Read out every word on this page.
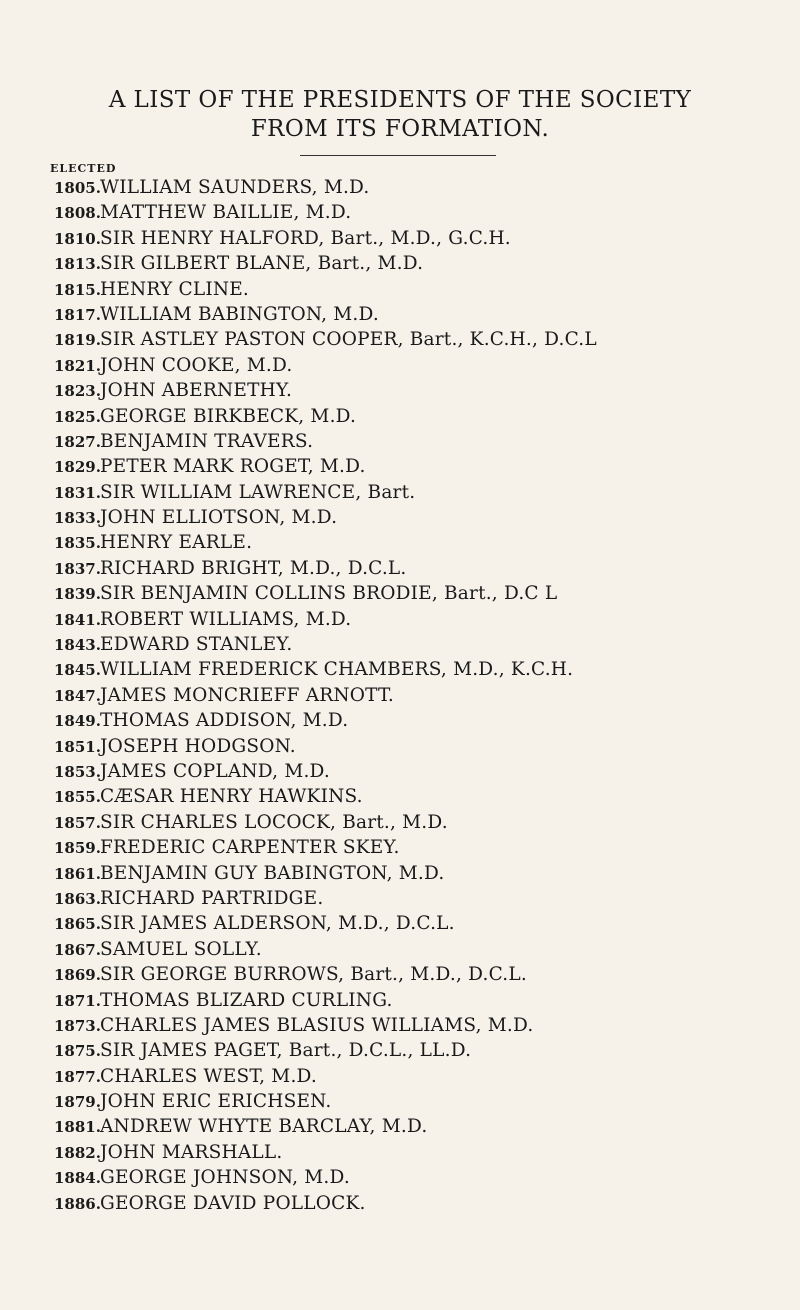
A LIST OF THE PRESIDENTS OF THE SOCIETY
FROM ITS FORMATION.
ELECTED
1805.WILLIAM SAUNDERS, M.D.
1808.MATTHEW BAILLIE, M.D.
1810.SIR HENRY HALFORD, Bart., M.D., G.C.H.
1813.SIR GILBERT BLANE, Bart., M.D.
1815.HENRY CLINE.
1817.WILLIAM BABINGTON, M.D.
1819.SIR ASTLEY PASTON COOPER, Bart., K.C.H., D.C.L
1821.JOHN COOKE, M.D.
1823.JOHN ABERNETHY.
1825.GEORGE BIRKBECK, M.D.
1827.BENJAMIN TRAVERS.
1829.PETER MARK ROGET, M.D.
1831.SIR WILLIAM LAWRENCE, Bart.
1833.JOHN ELLIOTSON, M.D.
1835.HENRY EARLE.
1837.RICHARD BRIGHT, M.D., D.C.L.
1839.SIR BENJAMIN COLLINS BRODIE, Bart., D.C L
1841.ROBERT WILLIAMS, M.D.
1843.EDWARD STANLEY.
1845.WILLIAM FREDERICK CHAMBERS, M.D., K.C.H.
1847.JAMES MONCRIEFF ARNOTT.
1849.THOMAS ADDISON, M.D.
1851.JOSEPH HODGSON.
1853.JAMES COPLAND, M.D.
1855.CÆSAR HENRY HAWKINS.
1857.SIR CHARLES LOCOCK, Bart., M.D.
1859.FREDERIC CARPENTER SKEY.
1861.BENJAMIN GUY BABINGTON, M.D.
1863.RICHARD PARTRIDGE.
1865.SIR JAMES ALDERSON, M.D., D.C.L.
1867.SAMUEL SOLLY.
1869.SIR GEORGE BURROWS, Bart., M.D., D.C.L.
1871.THOMAS BLIZARD CURLING.
1873.CHARLES JAMES BLASIUS WILLIAMS, M.D.
1875.SIR JAMES PAGET, Bart., D.C.L., LL.D.
1877.CHARLES WEST, M.D.
1879.JOHN ERIC ERICHSEN.
1881.ANDREW WHYTE BARCLAY, M.D.
1882.JOHN MARSHALL.
1884.GEORGE JOHNSON, M.D.
1886.GEORGE DAVID POLLOCK.
